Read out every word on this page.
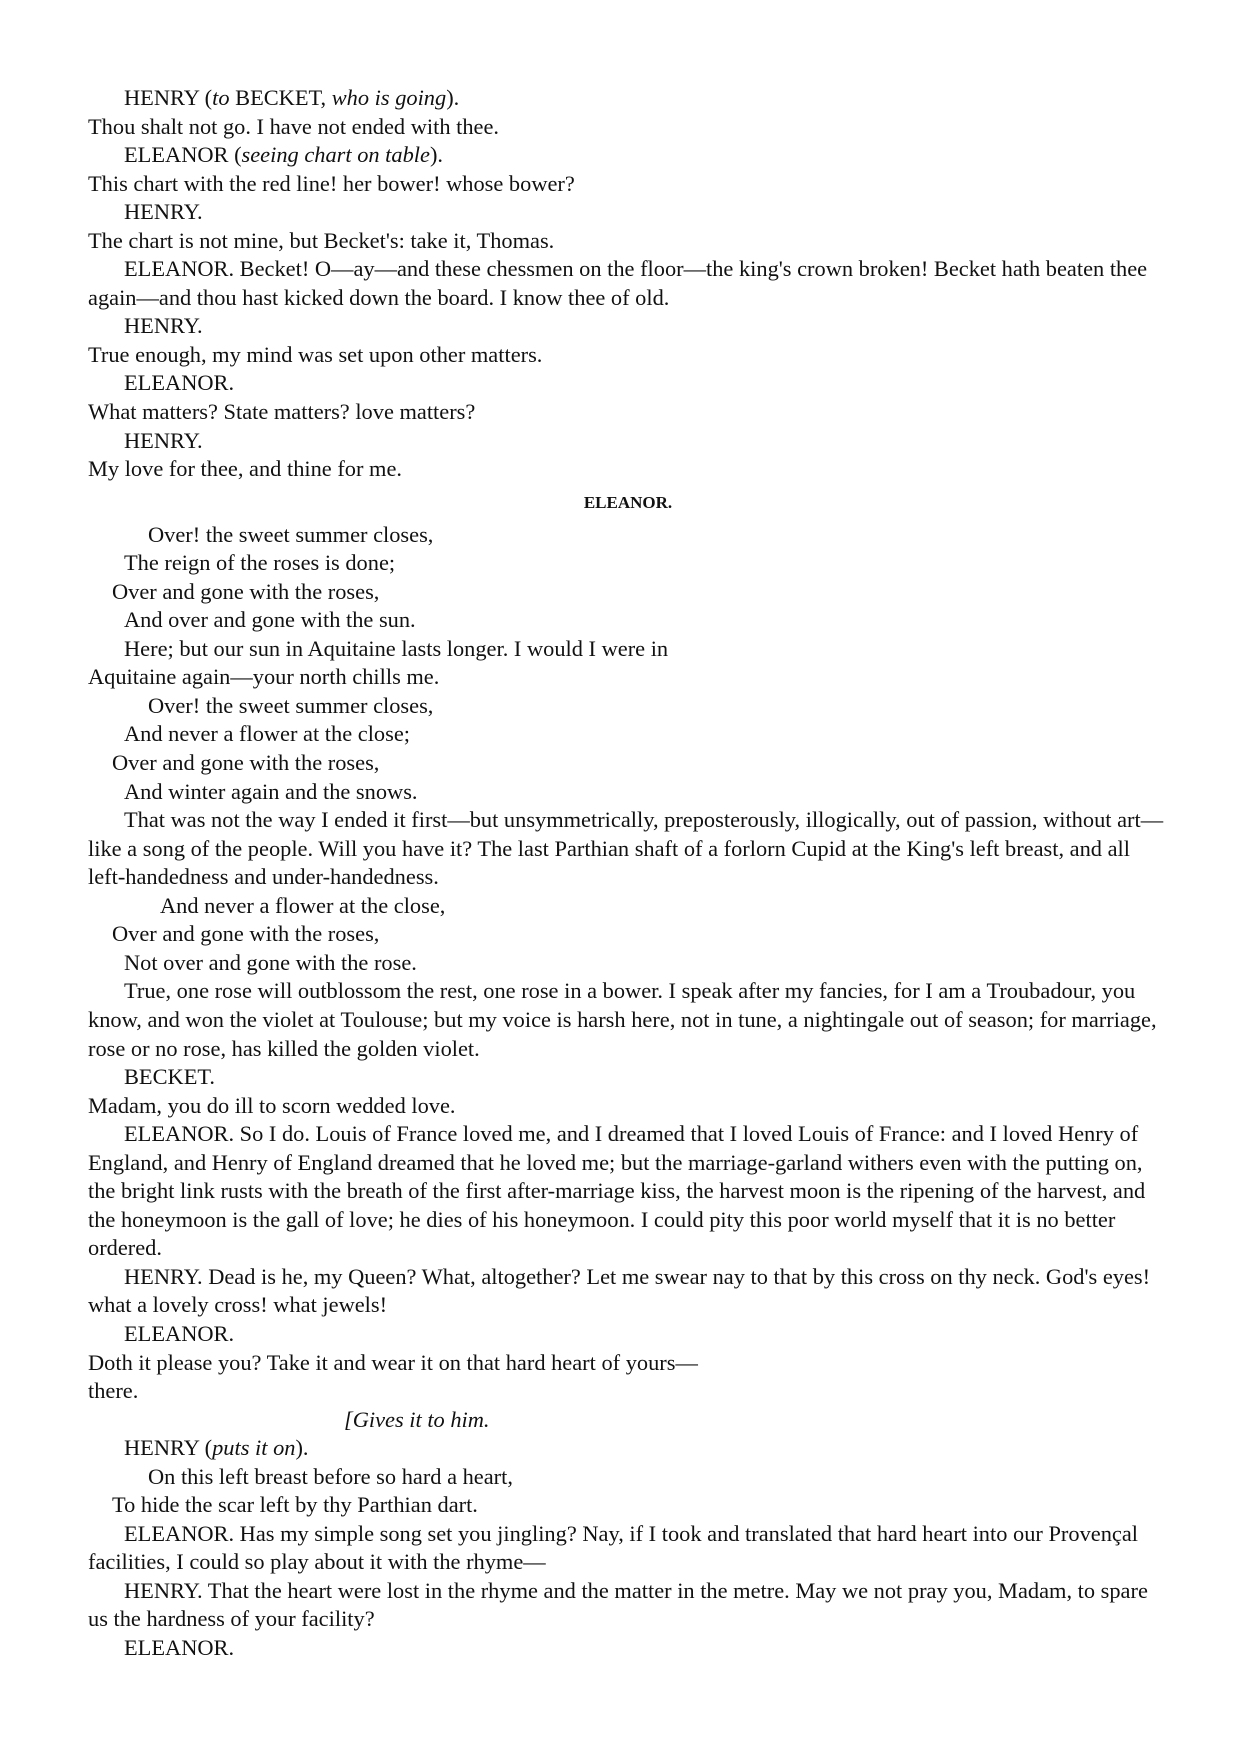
HENRY (to BECKET, who is going).
Thou shalt not go. I have not ended with thee.
ELEANOR (seeing chart on table).
This chart with the red line! her bower! whose bower?
HENRY.
The chart is not mine, but Becket's: take it, Thomas.
ELEANOR. Becket! O—ay—and these chessmen on the floor—the king's crown broken! Becket hath beaten thee again—and thou hast kicked down the board. I know thee of old.
HENRY.
True enough, my mind was set upon other matters.
ELEANOR.
What matters? State matters? love matters?
HENRY.
My love for thee, and thine for me.
ELEANOR.
Over! the sweet summer closes,
The reign of the roses is done;
Over and gone with the roses,
And over and gone with the sun.
Here; but our sun in Aquitaine lasts longer. I would I were in
Aquitaine again—your north chills me.
Over! the sweet summer closes,
And never a flower at the close;
Over and gone with the roses,
And winter again and the snows.
That was not the way I ended it first—but unsymmetrically, preposterously, illogically, out of passion, without art—like a song of the people. Will you have it? The last Parthian shaft of a forlorn Cupid at the King's left breast, and all left-handedness and under-handedness.
And never a flower at the close,
Over and gone with the roses,
Not over and gone with the rose.
True, one rose will outblossom the rest, one rose in a bower. I speak after my fancies, for I am a Troubadour, you know, and won the violet at Toulouse; but my voice is harsh here, not in tune, a nightingale out of season; for marriage, rose or no rose, has killed the golden violet.
BECKET.
Madam, you do ill to scorn wedded love.
ELEANOR. So I do. Louis of France loved me, and I dreamed that I loved Louis of France: and I loved Henry of England, and Henry of England dreamed that he loved me; but the marriage-garland withers even with the putting on, the bright link rusts with the breath of the first after-marriage kiss, the harvest moon is the ripening of the harvest, and the honeymoon is the gall of love; he dies of his honeymoon. I could pity this poor world myself that it is no better ordered.
HENRY. Dead is he, my Queen? What, altogether? Let me swear nay to that by this cross on thy neck. God's eyes! what a lovely cross! what jewels!
ELEANOR.
Doth it please you? Take it and wear it on that hard heart of yours—
there.
[Gives it to him.
HENRY (puts it on).
On this left breast before so hard a heart,
To hide the scar left by thy Parthian dart.
ELEANOR. Has my simple song set you jingling? Nay, if I took and translated that hard heart into our Provençal facilities, I could so play about it with the rhyme—
HENRY. That the heart were lost in the rhyme and the matter in the metre. May we not pray you, Madam, to spare us the hardness of your facility?
ELEANOR.
